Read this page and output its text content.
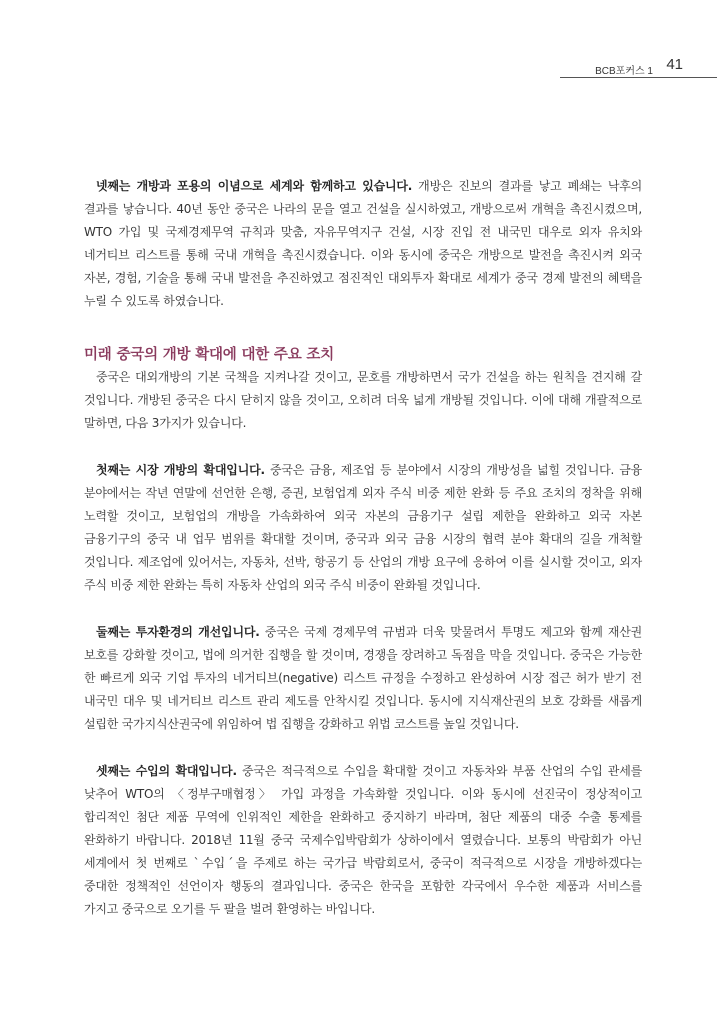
BCB포커스 1 41

넷째는 개방과 포용의 이념으로 세계와 함께하고 있습니다. 개방은 진보의 결과를 낳고 폐쇄는 낙후의 결과를 낳습니다. 40년 동안 중국은 나라의 문을 열고 건설을 실시하였고, 개방으로써 개혁을 촉진시켰으며, WTO 가입 및 국제경제무역 규칙과 맞춤, 자유무역지구 건설, 시장 진입 전 내국민 대우로 외자 유치와 네거티브 리스트를 통해 국내 개혁을 촉진시켰습니다. 이와 동시에 중국은 개방으로 발전을 촉진시켜 외국 자본, 경험, 기술을 통해 국내 발전을 추진하였고 점진적인 대외투자 확대로 세계가 중국 경제 발전의 혜택을 누릴 수 있도록 하였습니다.

미래 중국의 개방 확대에 대한 주요 조치

중국은 대외개방의 기본 국책을 지켜나갈 것이고, 문호를 개방하면서 국가 건설을 하는 원칙을 견지해 갈 것입니다. 개방된 중국은 다시 닫히지 않을 것이고, 오히려 더욱 넓게 개방될 것입니다. 이에 대해 개괄적으로 말하면, 다음 3가지가 있습니다.

첫째는 시장 개방의 확대입니다. 중국은 금융, 제조업 등 분야에서 시장의 개방성을 넓힐 것입니다. 금융 분야에서는 작년 연말에 선언한 은행, 증권, 보험업계 외자 주식 비중 제한 완화 등 주요 조치의 정착을 위해 노력할 것이고, 보험업의 개방을 가속화하여 외국 자본의 금융기구 설립 제한을 완화하고 외국 자본 금융기구의 중국 내 업무 범위를 확대할 것이며, 중국과 외국 금융 시장의 협력 분야 확대의 길을 개척할 것입니다. 제조업에 있어서는, 자동차, 선박, 항공기 등 산업의 개방 요구에 응하여 이를 실시할 것이고, 외자 주식 비중 제한 완화는 특히 자동차 산업의 외국 주식 비중이 완화될 것입니다.

둘째는 투자환경의 개선입니다. 중국은 국제 경제무역 규범과 더욱 맞물려서 투명도 제고와 함께 재산권 보호를 강화할 것이고, 법에 의거한 집행을 할 것이며, 경쟁을 장려하고 독점을 막을 것입니다. 중국은 가능한 한 빠르게 외국 기업 투자의 네거티브(negative) 리스트 규정을 수정하고 완성하여 시장 접근 허가 받기 전 내국민 대우 및 네거티브 리스트 관리 제도를 안착시킬 것입니다. 동시에 지식재산권의 보호 강화를 새롭게 설립한 국가지식산권국에 위임하여 법 집행을 강화하고 위법 코스트를 높일 것입니다.

셋째는 수입의 확대입니다. 중국은 적극적으로 수입을 확대할 것이고 자동차와 부품 산업의 수입 관세를 낮추어 WTO의 〈정부구매협정〉 가입 과정을 가속화할 것입니다. 이와 동시에 선진국이 정상적이고 합리적인 첨단 제품 무역에 인위적인 제한을 완화하고 중지하기 바라며, 첨단 제품의 대중 수출 통제를 완화하기 바랍니다. 2018년 11월 중국 국제수입박람회가 상하이에서 열렸습니다. 보통의 박람회가 아닌 세계에서 첫 번째로 ˋ수입ˊ을 주제로 하는 국가급 박람회로서, 중국이 적극적으로 시장을 개방하겠다는 중대한 정책적인 선언이자 행동의 결과입니다. 중국은 한국을 포함한 각국에서 우수한 제품과 서비스를 가지고 중국으로 오기를 두 팔을 벌려 환영하는 바입니다.
